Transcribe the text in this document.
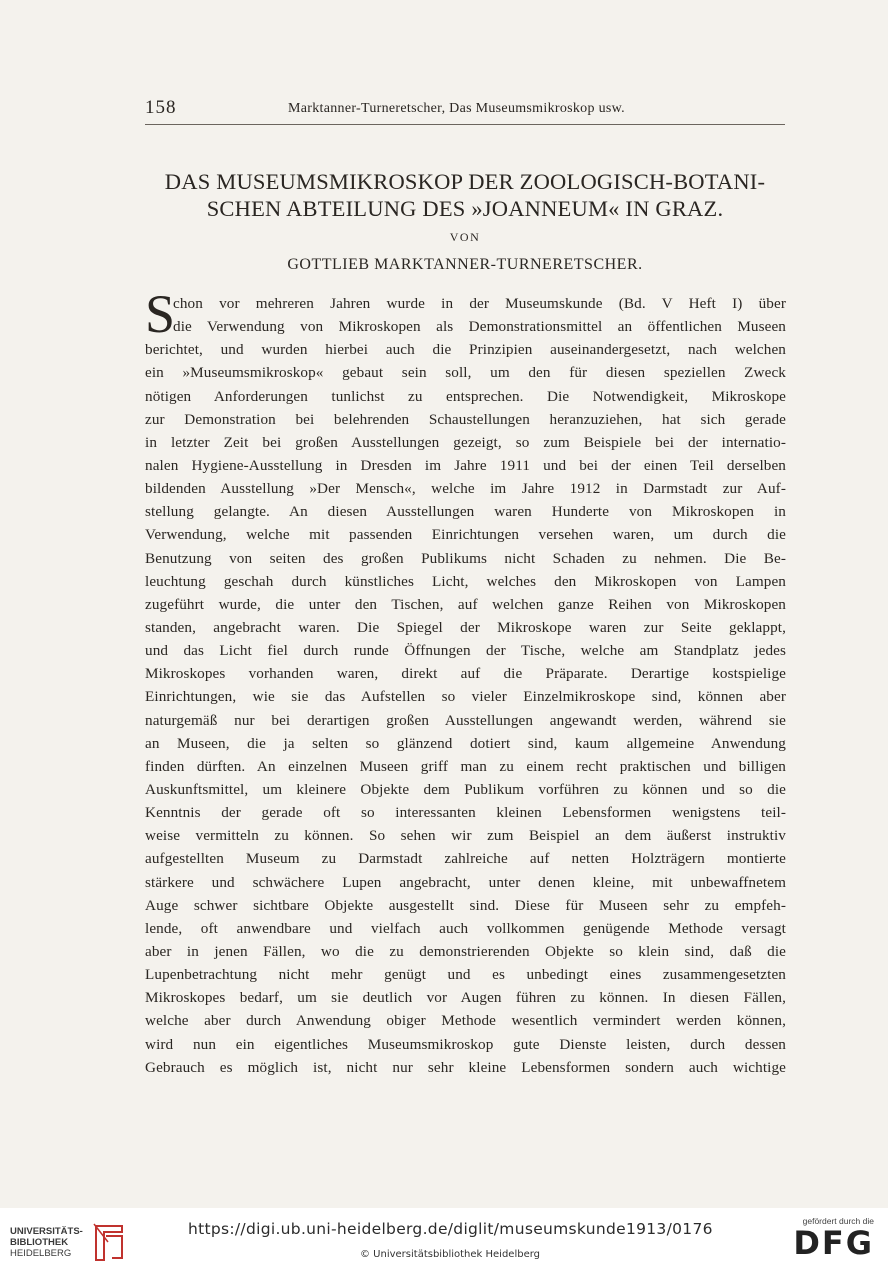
158	Marktanner-Turneretscher, Das Museumsmikroskop usw.
DAS MUSEUMSMIKROSKOP DER ZOOLOGISCH-BOTANI-
SCHEN ABTEILUNG DES »JOANNEUM« IN GRAZ.
VON
GOTTLIEB MARKTANNER-TURNERETSCHER.
S
chon vor mehreren Jahren wurde in der Museumskunde (Bd. V Heft I) über
die Verwendung von Mikroskopen als Demonstrationsmittel an öffentlichen Museen
berichtet, und wurden hierbei auch die Prinzipien auseinandergesetzt, nach welchen
ein »Museumsmikroskop« gebaut sein soll, um den für diesen speziellen Zweck
nötigen Anforderungen tunlichst zu entsprechen. Die Notwendigkeit, Mikroskope
zur Demonstration bei belehrenden Schaustellungen heranzuziehen, hat sich gerade
in letzter Zeit bei großen Ausstellungen gezeigt, so zum Beispiele bei der internatio-
nalen Hygiene-Ausstellung in Dresden im Jahre 1911 und bei der einen Teil derselben
bildenden Ausstellung »Der Mensch«, welche im Jahre 1912 in Darmstadt zur Auf-
stellung gelangte. An diesen Ausstellungen waren Hunderte von Mikroskopen in
Verwendung, welche mit passenden Einrichtungen versehen waren, um durch die
Benutzung von seiten des großen Publikums nicht Schaden zu nehmen. Die Be-
leuchtung geschah durch künstliches Licht, welches den Mikroskopen von Lampen
zugeführt wurde, die unter den Tischen, auf welchen ganze Reihen von Mikroskopen
standen, angebracht waren. Die Spiegel der Mikroskope waren zur Seite geklappt,
und das Licht fiel durch runde Öffnungen der Tische, welche am Standplatz jedes
Mikroskopes vorhanden waren, direkt auf die Präparate. Derartige kostspielige
Einrichtungen, wie sie das Aufstellen so vieler Einzelmikroskope sind, können aber
naturgemäß nur bei derartigen großen Ausstellungen angewandt werden, während sie
an Museen, die ja selten so glänzend dotiert sind, kaum allgemeine Anwendung
finden dürften. An einzelnen Museen griff man zu einem recht praktischen und billigen
Auskunftsmittel, um kleinere Objekte dem Publikum vorführen zu können und so die
Kenntnis der gerade oft so interessanten kleinen Lebensformen wenigstens teil-
weise vermitteln zu können. So sehen wir zum Beispiel an dem äußerst instruktiv
aufgestellten Museum zu Darmstadt zahlreiche auf netten Holzträgern montierte
stärkere und schwächere Lupen angebracht, unter denen kleine, mit unbewaffnetem
Auge schwer sichtbare Objekte ausgestellt sind. Diese für Museen sehr zu empfeh-
lende, oft anwendbare und vielfach auch vollkommen genügende Methode versagt
aber in jenen Fällen, wo die zu demonstrierenden Objekte so klein sind, daß die
Lupenbetrachtung nicht mehr genügt und es unbedingt eines zusammengesetzten
Mikroskopes bedarf, um sie deutlich vor Augen führen zu können. In diesen Fällen,
welche aber durch Anwendung obiger Methode wesentlich vermindert werden können,
wird nun ein eigentliches Museumsmikroskop gute Dienste leisten, durch dessen
Gebrauch es möglich ist, nicht nur sehr kleine Lebensformen sondern auch wichtige
UNIVERSITÄTS-
BIBLIOTHEK
HEIDELBERG
https://digi.ub.uni-heidelberg.de/diglit/museumskunde1913/0176
© Universitätsbibliothek Heidelberg
gefördert durch die
DFG
